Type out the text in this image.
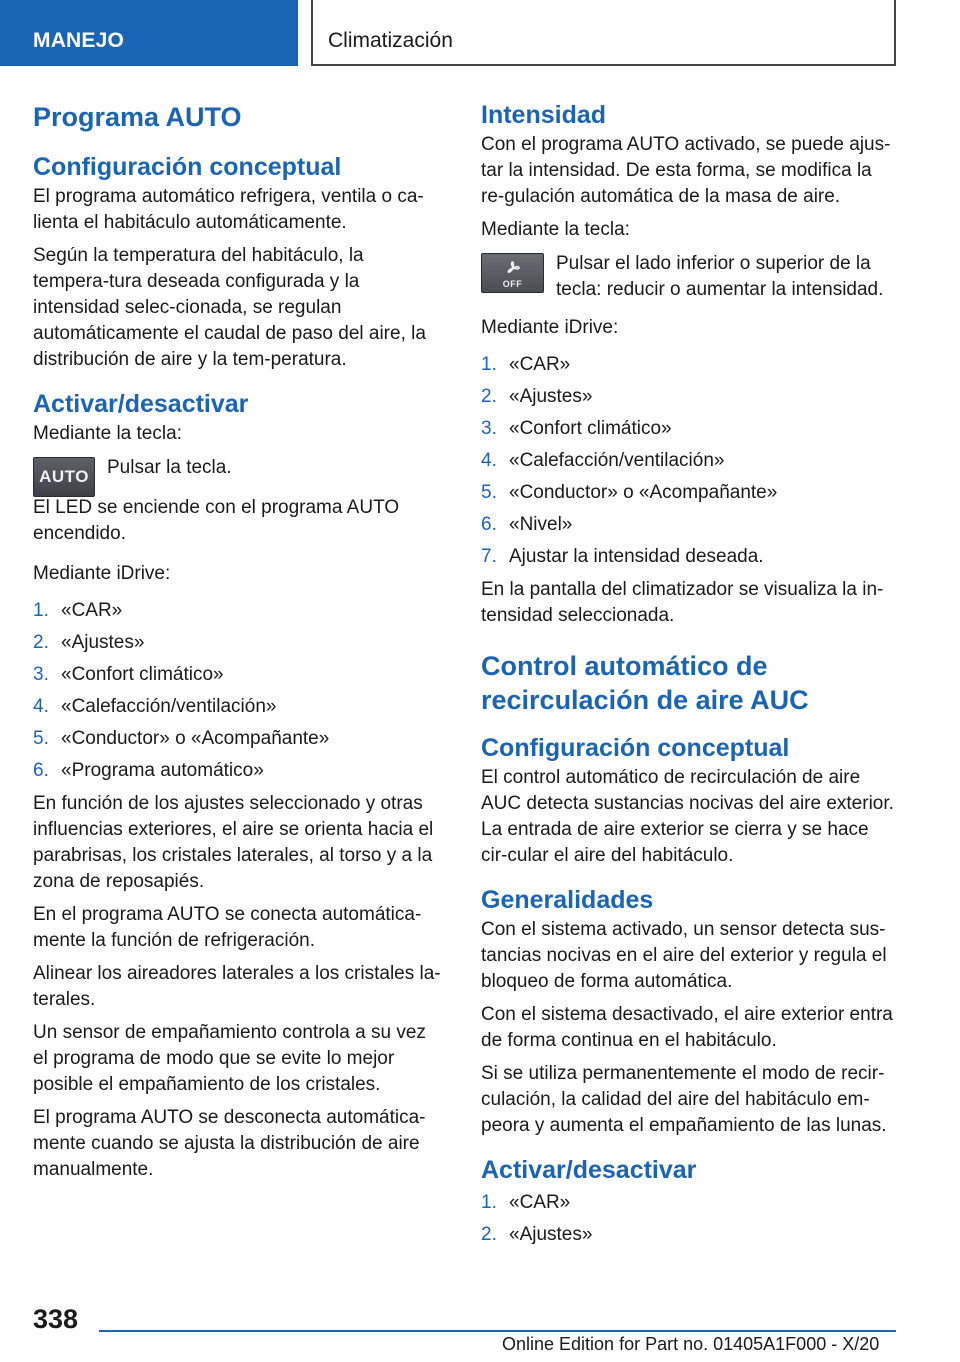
MANEJO	Climatización
Programa AUTO
Configuración conceptual

El programa automático refrigera, ventila o ca-lienta el habitáculo automáticamente.

Según la temperatura del habitáculo, la tempera-tura deseada configurada y la intensidad selec-cionada, se regulan automáticamente el caudal de paso del aire, la distribución de aire y la tem-peratura.

Activar/desactivar

Mediante la tecla:

AUTO Pulsar la tecla.

El LED se enciende con el programa AUTO encendido.

Mediante iDrive:

1. «CAR»
2. «Ajustes»
3. «Confort climático»
4. «Calefacción/ventilación»
5. «Conductor» o «Acompañante»
6. «Programa automático»

En función de los ajustes seleccionado y otras influencias exteriores, el aire se orienta hacia el parabrisas, los cristales laterales, al torso y a la zona de reposapiés.

En el programa AUTO se conecta automática-mente la función de refrigeración.

Alinear los aireadores laterales a los cristales la-terales.

Un sensor de empañamiento controla a su vez el programa de modo que se evite lo mejor posible el empañamiento de los cristales.

El programa AUTO se desconecta automática-mente cuando se ajusta la distribución de aire manualmente.

Intensidad

Con el programa AUTO activado, se puede ajus-tar la intensidad. De esta forma, se modifica la re-gulación automática de la masa de aire.

Mediante la tecla:

OFF

Pulsar el lado inferior o superior de la tecla: reducir o aumentar la intensidad.

Mediante iDrive:

1. «CAR»
2. «Ajustes»
3. «Confort climático»
4. «Calefacción/ventilación»
5. «Conductor» o «Acompañante»
6. «Nivel»
7. Ajustar la intensidad deseada.

En la pantalla del climatizador se visualiza la in-tensidad seleccionada.

Control automático de recirculación de aire AUC
Configuración conceptual

El control automático de recirculación de aire AUC detecta sustancias nocivas del aire exterior. La entrada de aire exterior se cierra y se hace cir-cular el aire del habitáculo.

Generalidades

Con el sistema activado, un sensor detecta sus-tancias nocivas en el aire del exterior y regula el bloqueo de forma automática.

Con el sistema desactivado, el aire exterior entra de forma continua en el habitáculo.

Si se utiliza permanentemente el modo de recir-culación, la calidad del aire del habitáculo em-peora y aumenta el empañamiento de las lunas.

Activar/desactivar
1. «CAR»
2. «Ajustes»
338
Online Edition for Part no. 01405A1F000 - X/20
